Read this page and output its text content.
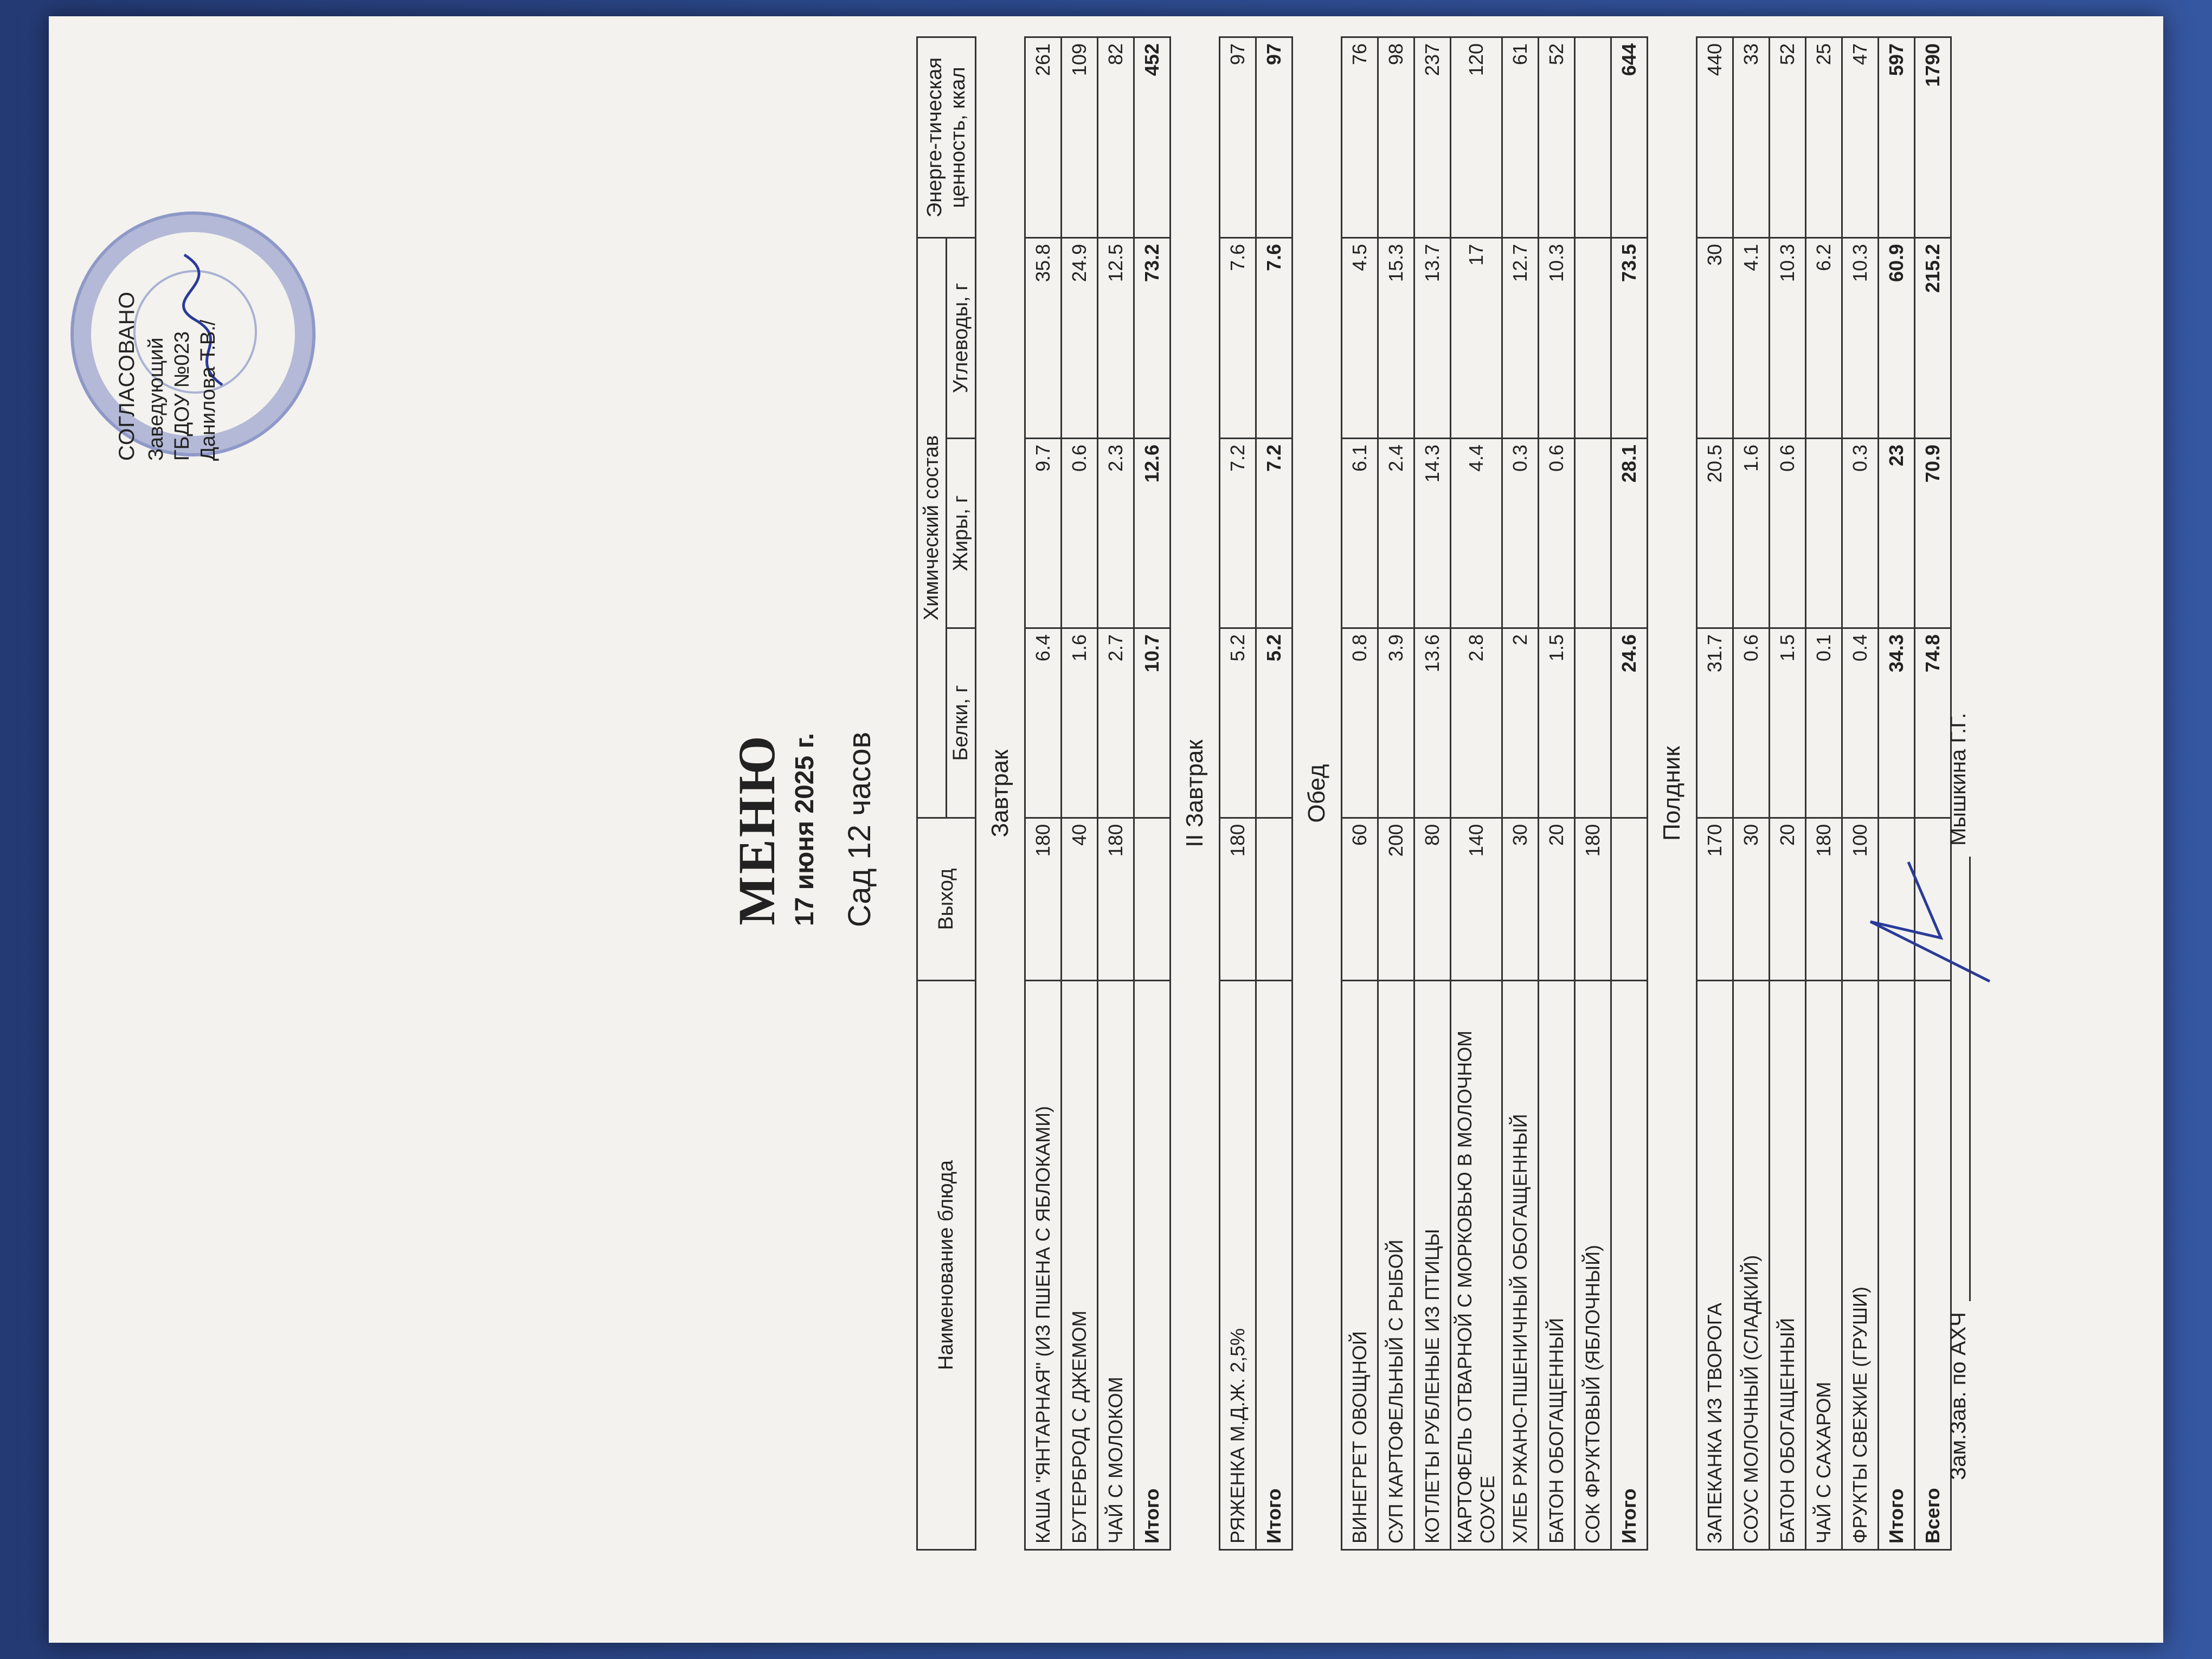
СОГЛАСОВАНО Заведующий ГБДОУ №023 Данилова Т.В./
МЕНЮ 17 июня 2025 г. Сад 12 часов
Наименование блюда	Выход	Химический состав			Энерге-тическая ценность, ккал
		Белки, г	Жиры, г	Углеводы, г	
Завтрак					
КАША "ЯНТАРНАЯ" (ИЗ ПШЕНА С ЯБЛОКАМИ)	180	6.4	9.7	35.8	261
БУТЕРБРОД С ДЖЕМОМ	40	1.6	0.6	24.9	109
ЧАЙ С МОЛОКОМ	180	2.7	2.3	12.5	82
Итого		10.7	12.6	73.2	452
II Завтрак					
РЯЖЕНКА М.Д.Ж. 2,5%	180	5.2	7.2	7.6	97
Итого		5.2	7.2	7.6	97
Обед					
ВИНЕГРЕТ ОВОЩНОЙ	60	0.8	6.1	4.5	76
СУП КАРТОФЕЛЬНЫЙ С РЫБОЙ	200	3.9	2.4	15.3	98
КОТЛЕТЫ РУБЛЕНЫЕ ИЗ ПТИЦЫ	80	13.6	14.3	13.7	237
КАРТОФЕЛЬ ОТВАРНОЙ С МОРКОВЬЮ В МОЛОЧНОМ СОУСЕ	140	2.8	4.4	17	120
ХЛЕБ РЖАНО-ПШЕНИЧНЫЙ ОБОГАЩЕННЫЙ	30	2	0.3	12.7	61
БАТОН ОБОГАЩЕННЫЙ	20	1.5	0.6	10.3	52
СОК ФРУКТОВЫЙ (ЯБЛОЧНЫЙ)	180				
Итого		24.6	28.1	73.5	644
Полдник					
ЗАПЕКАНКА ИЗ ТВОРОГА	170	31.7	20.5	30	440
СОУС МОЛОЧНЫЙ (СЛАДКИЙ)	30	0.6	1.6	4.1	33
БАТОН ОБОГАЩЕННЫЙ	20	1.5	0.6	10.3	52
ЧАЙ С САХАРОМ	180	0.1		6.2	25
ФРУКТЫ СВЕЖИЕ (ГРУШИ)	100	0.4	0.3	10.3	47
Итого		34.3	23	60.9	597
Всего		74.8	70.9	215.2	1790
Зам.Зав. по АХЧМышкина Г.Г.
